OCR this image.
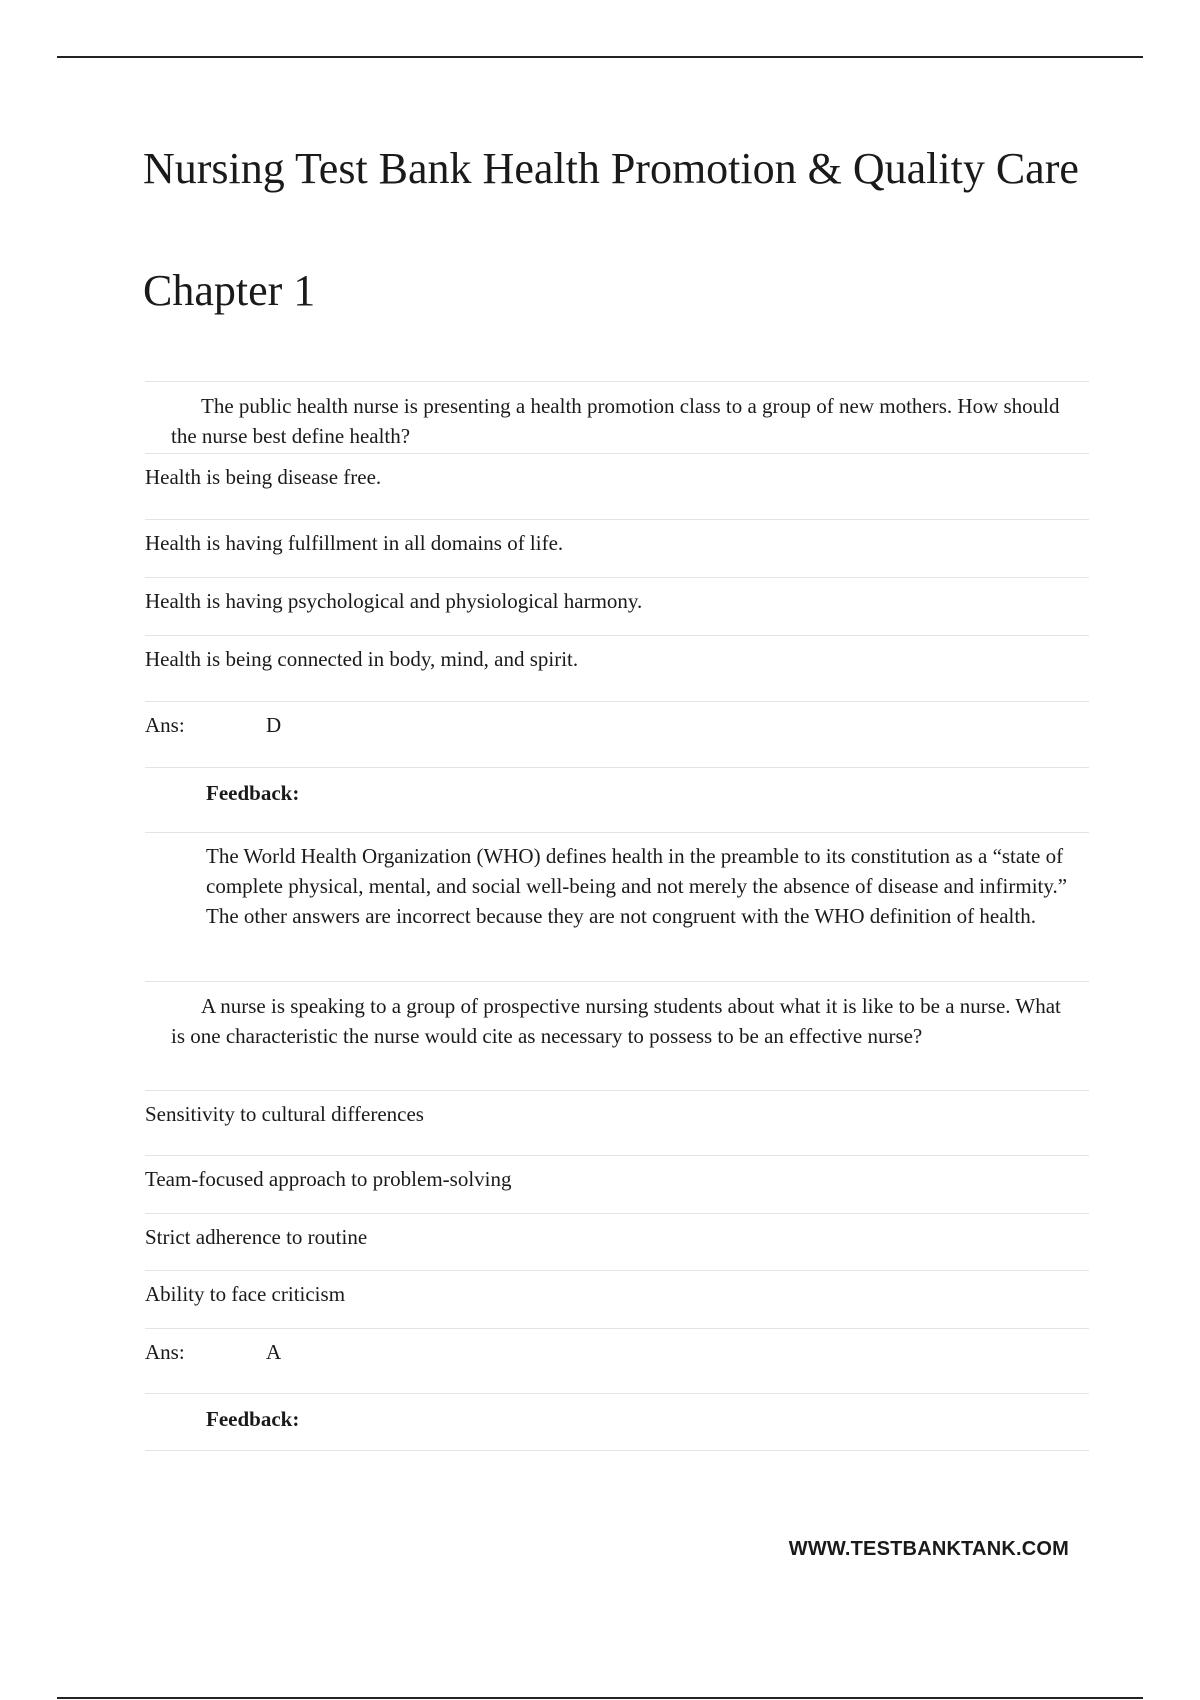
Nursing Test Bank Health Promotion & Quality Care
Chapter 1
The public health nurse is presenting a health promotion class to a group of new mothers. How should the nurse best define health?
Health is being disease free.
Health is having fulfillment in all domains of life.
Health is having psychological and physiological harmony.
Health is being connected in body, mind, and spirit.
Ans:	D
Feedback:
The World Health Organization (WHO) defines health in the preamble to its constitution as a “state of complete physical, mental, and social well-being and not merely the absence of disease and infirmity.” The other answers are incorrect because they are not congruent with the WHO definition of health.
A nurse is speaking to a group of prospective nursing students about what it is like to be a nurse. What is one characteristic the nurse would cite as necessary to possess to be an effective nurse?
Sensitivity to cultural differences
Team-focused approach to problem-solving
Strict adherence to routine
Ability to face criticism
Ans:	A
Feedback:
WWW.TESTBANKTANK.COM
